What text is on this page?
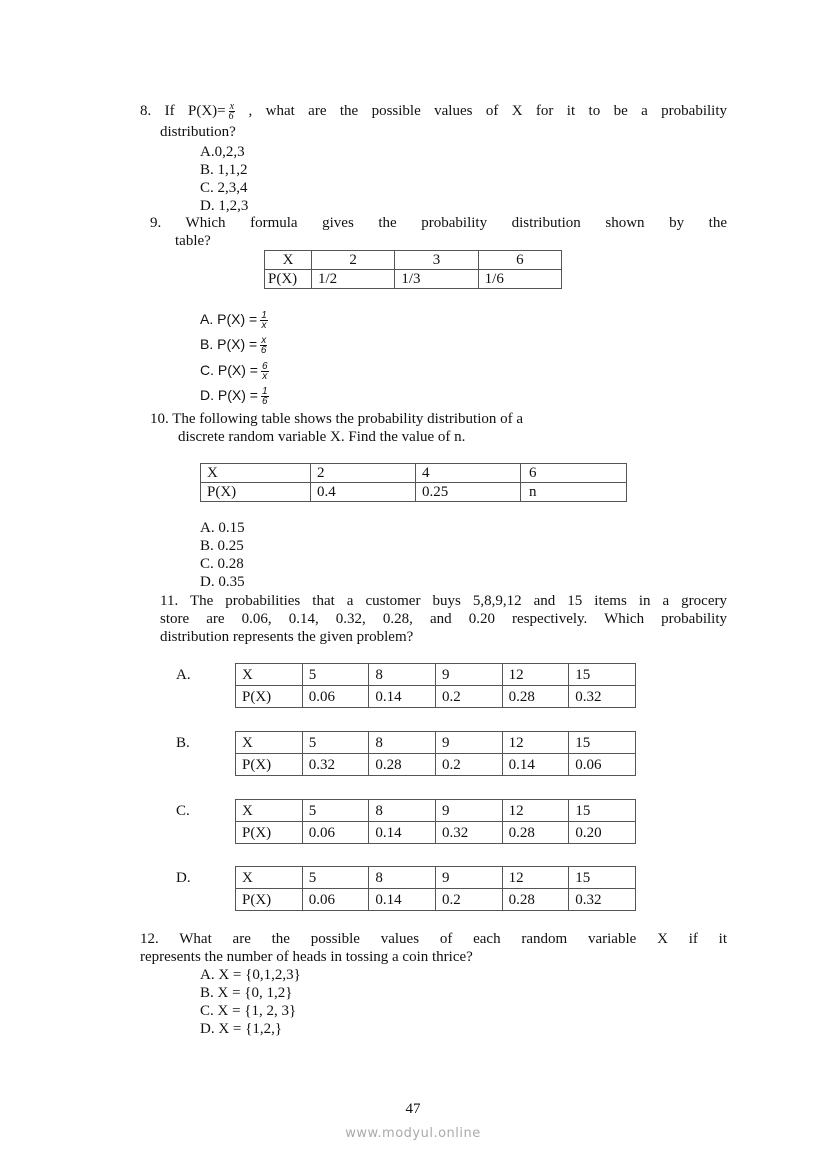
8. If $P(X)= \frac{x}{6}$ , what are the possible values of X for it to be a probability
distribution?
A.0,2,3
B. 1,1,2
C. 2,3,4
D. 1,2,3
9. Which formula gives the probability distribution shown by the
table?
X	2	3	6
P(X)	1/2	1/3	1/6
A. $P(X) = \frac{1}{x}$
B. $P(X) = \frac{x}{6}$
C. $P(X) = \frac{6}{x}$
D. $P(X) = \frac{1}{6}$
10. The following table shows the probability distribution of a
discrete random variable X. Find the value of n.
X	2	4	6
P(X)	0.4	0.25	n
A. 0.15
B. 0.25
C. 0.28
D. 0.35
11. The probabilities that a customer buys 5,8,9,12 and 15 items in a grocery
store are 0.06, 0.14, 0.32, 0.28, and 0.20 respectively. Which probability
distribution represents the given problem?
A.	X	5	8	9	12	15
P(X)	0.06	0.14	0.2	0.28	0.32
B.	X	5	8	9	12	15
P(X)	0.32	0.28	0.2	0.14	0.06
C.	X	5	8	9	12	15
P(X)	0.06	0.14	0.32	0.28	0.20
D.	X	5	8	9	12	15
P(X)	0.06	0.14	0.2	0.28	0.32
12. What are the possible values of each random variable X if it
represents the number of heads in tossing a coin thrice?
A. X = {0,1,2,3}
B. X = {0, 1,2}
C. X = {1, 2, 3}
D. X = {1,2,}
47
www.modyul.online
